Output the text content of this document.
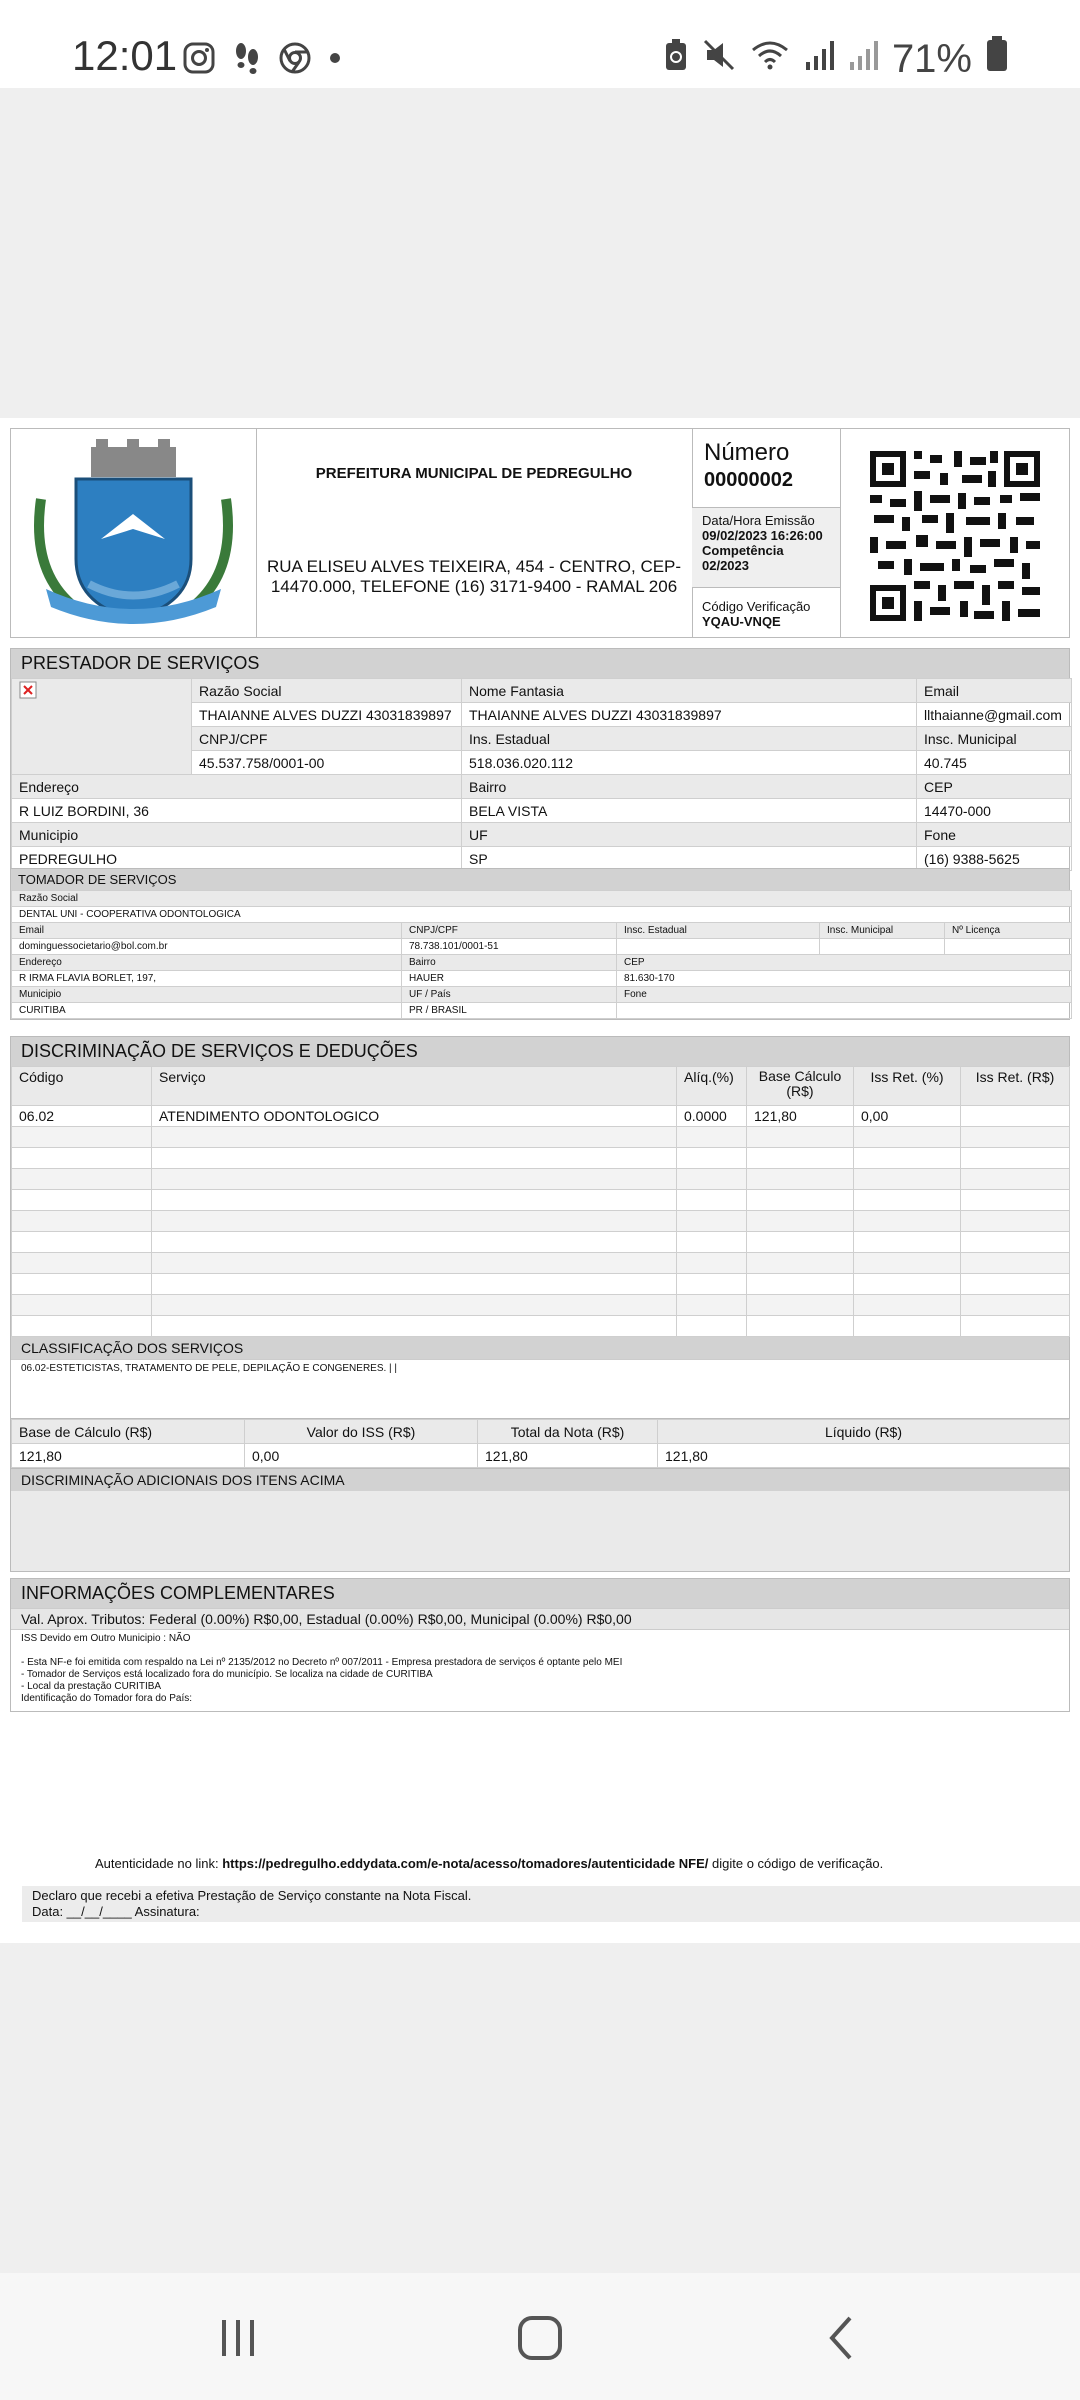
12:01	71%
PREFEITURA MUNICIPAL DE PEDREGULHO
RUA ELISEU ALVES TEIXEIRA, 454 - CENTRO, CEP-14470.000, TELEFONE (16) 3171-9400 - RAMAL 206
Número
00000002
Data/Hora Emissão
09/02/2023 16:26:00
Competência
02/2023
Código Verificação
YQAU-VNQE
PRESTADOR DE SERVIÇOS
	Razão Social	Nome Fantasia	Email
	THAIANNE ALVES DUZZI 43031839897	THAIANNE ALVES DUZZI 43031839897	llthaianne@gmail.com
	CNPJ/CPF	Ins. Estadual	Insc. Municipal
	45.537.758/0001-00	518.036.020.112	40.745
Endereço		Bairro	CEP
R LUIZ BORDINI, 36		BELA VISTA	14470-000
Municipio		UF	Fone
PEDREGULHO		SP	(16) 9388-5625
TOMADOR DE SERVIÇOS
Razão Social				
DENTAL UNI - COOPERATIVA ODONTOLOGICA				
Email	CNPJ/CPF	Insc. Estadual	Insc. Municipal	Nº Licença
dominguessocietario@bol.com.br	78.738.101/0001-51			
Endereço	Bairro	CEP		
R IRMA FLAVIA BORLET, 197,	HAUER	81.630-170		
Municipio	UF / País	Fone		
CURITIBA	PR / BRASIL			
DISCRIMINAÇÃO DE SERVIÇOS E DEDUÇÕES
Código	Serviço	Alíq.(%)	Base Cálculo (R$)	Iss Ret. (%)	Iss Ret. (R$)
06.02	ATENDIMENTO ODONTOLOGICO	0.0000	121,80	0,00	

CLASSIFICAÇÃO DOS SERVIÇOS
06.02-ESTETICISTAS, TRATAMENTO DE PELE, DEPILAÇÃO E CONGENERES. | |
Base de Cálculo (R$)	Valor do ISS (R$)	Total da Nota (R$)	Líquido (R$)
121,80	0,00	121,80	121,80
DISCRIMINAÇÃO ADICIONAIS DOS ITENS ACIMA
INFORMAÇÕES COMPLEMENTARES
Val. Aprox. Tributos: Federal (0.00%) R$0,00, Estadual (0.00%) R$0,00, Municipal (0.00%) R$0,00
ISS Devido em Outro Municipio : NÃO
- Esta NF-e foi emitida com respaldo na Lei nº 2135/2012 no Decreto nº 007/2011 - Empresa prestadora de serviços é optante pelo MEI
- Tomador de Serviços está localizado fora do município. Se localiza na cidade de CURITIBA
- Local da prestação CURITIBA
Identificação do Tomador fora do País:
Autenticidade no link: https://pedregulho.eddydata.com/e-nota/acesso/tomadores/autenticidade NFE/ digite o código de verificação.
Declaro que recebi a efetiva Prestação de Serviço constante na Nota Fiscal.
Data: __/__/____ Assinatura:
